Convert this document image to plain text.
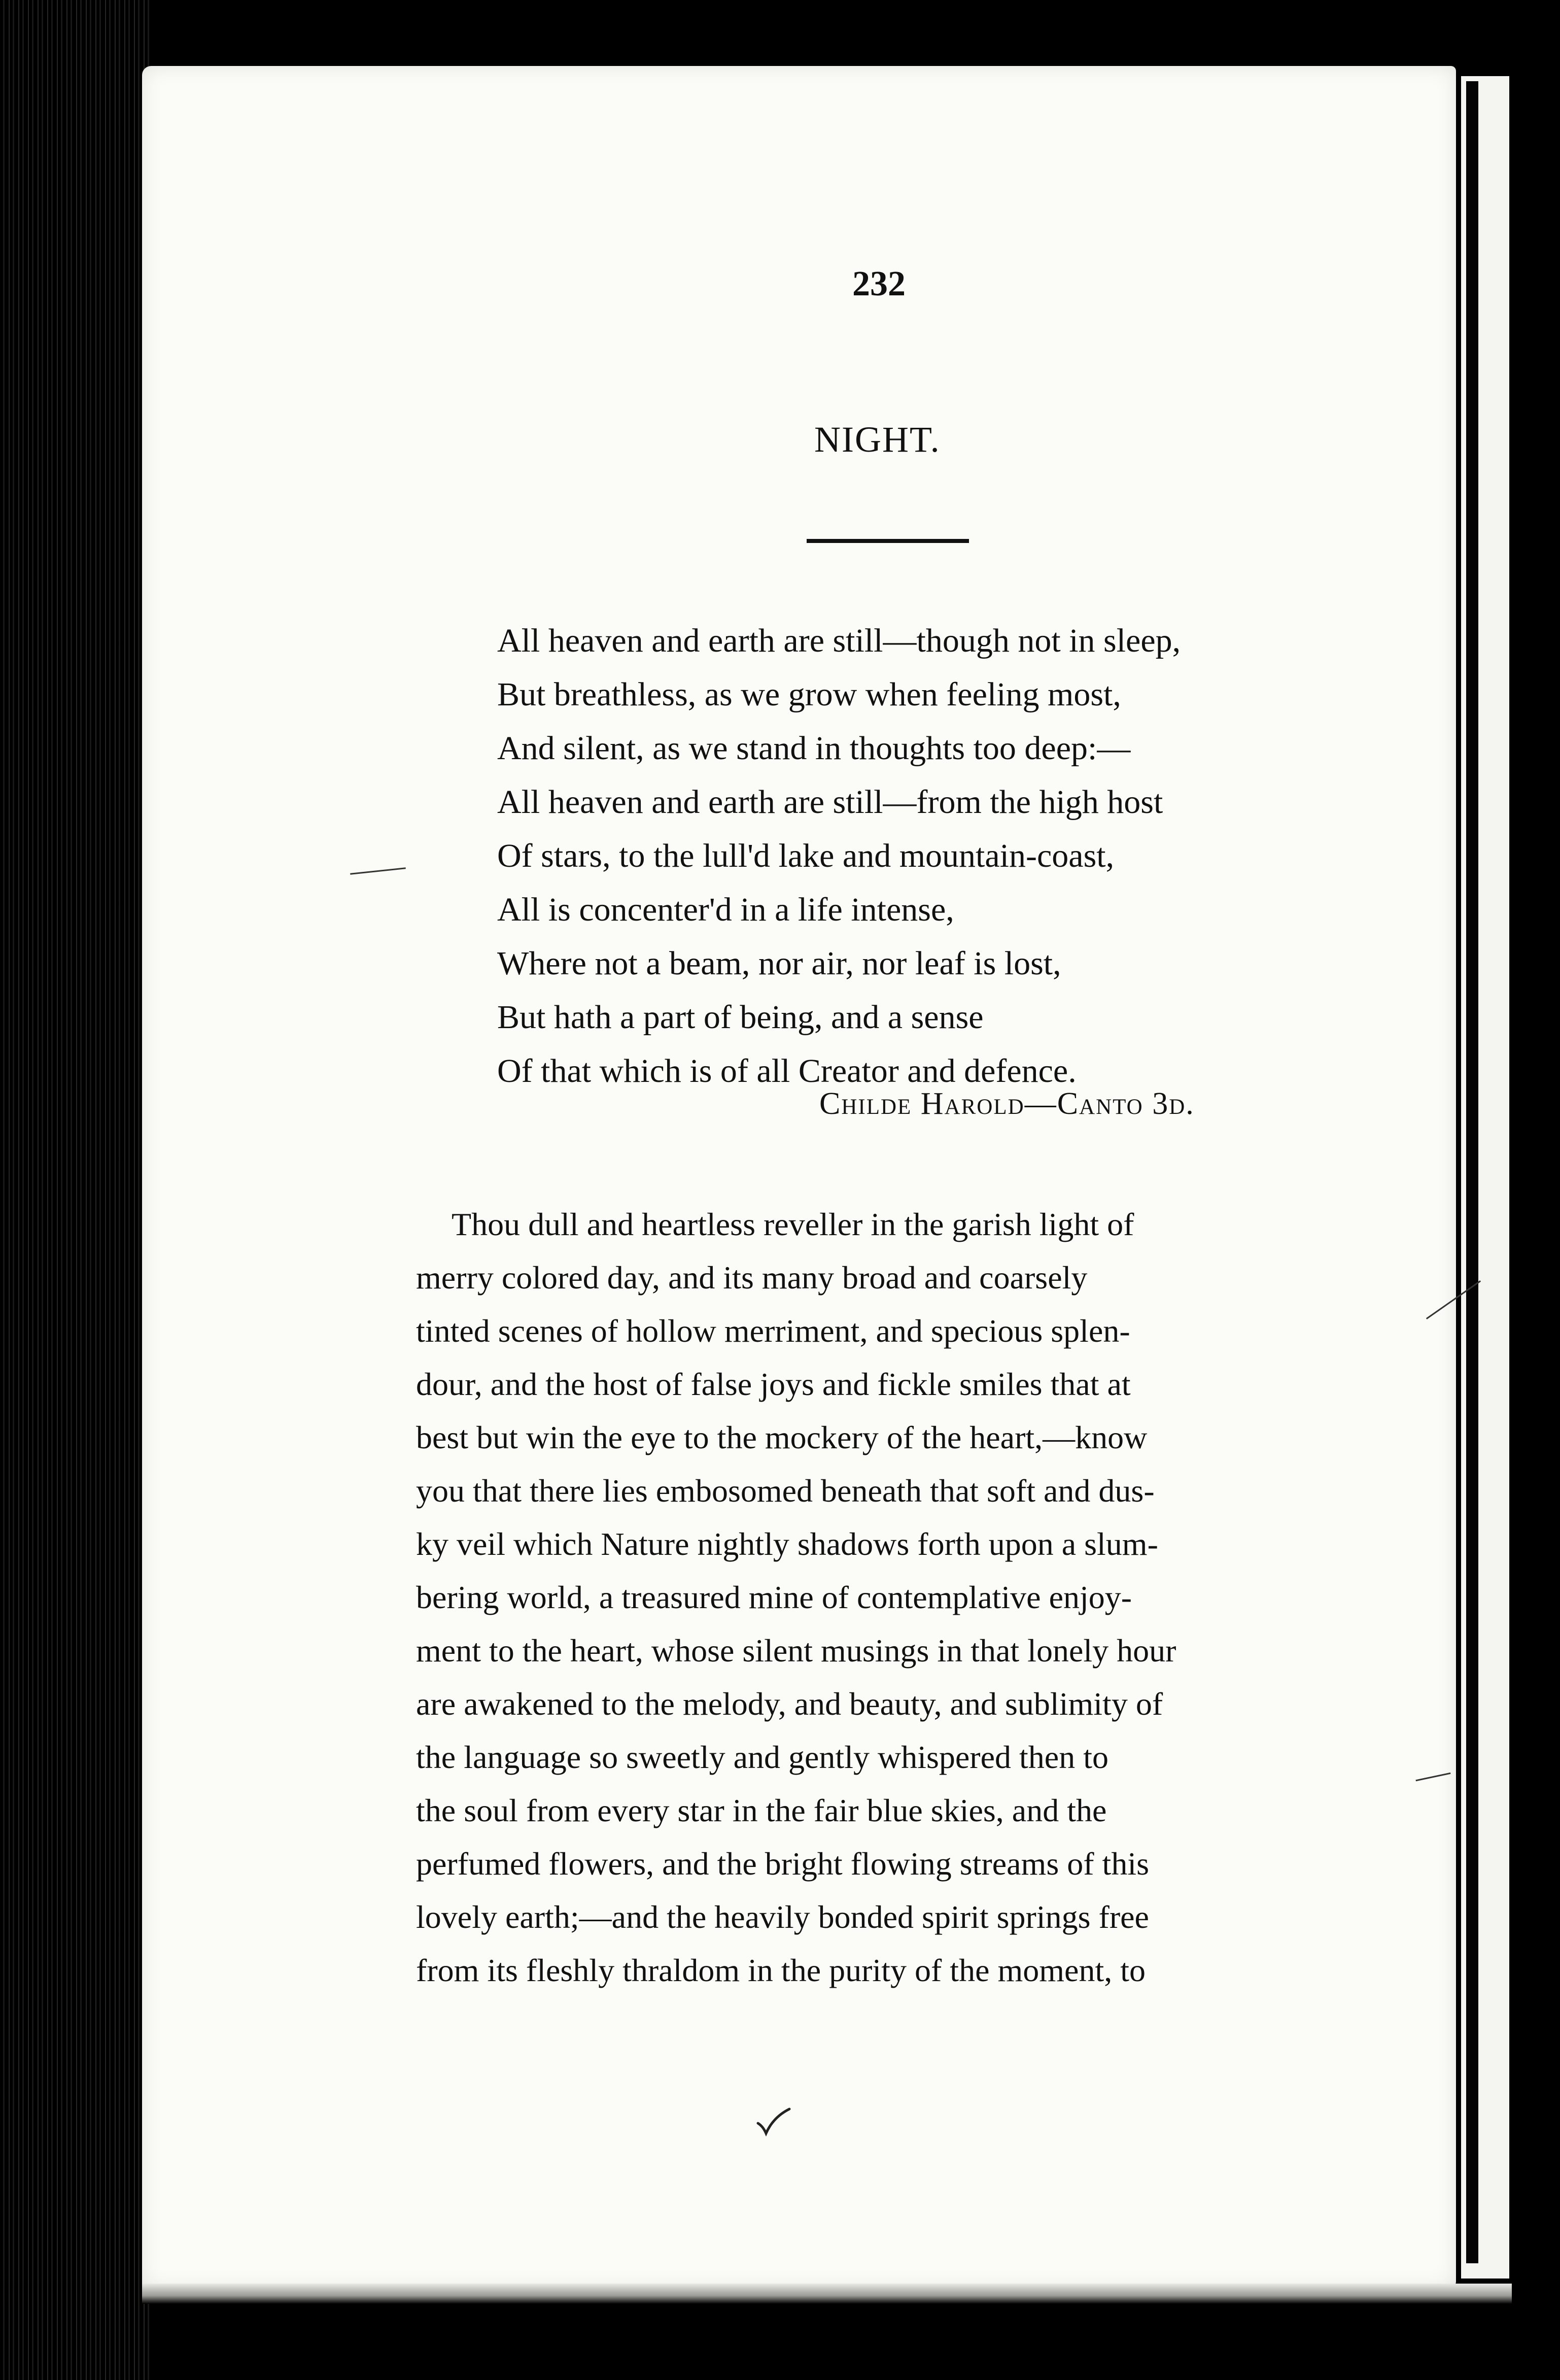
232

NIGHT.

All heaven and earth are still—though not in sleep,
But breathless, as we grow when feeling most,
And silent, as we stand in thoughts too deep:—
All heaven and earth are still—from the high host
Of stars, to the lull'd lake and mountain-coast,
All is concenter'd in a life intense,
Where not a beam, nor air, nor leaf is lost,
But hath a part of being, and a sense
Of that which is of all Creator and defence.

Childe Harold—Canto 3d.

Thou dull and heartless reveller in the garish light of
merry colored day, and its many broad and coarsely
tinted scenes of hollow merriment, and specious splen-
dour, and the host of false joys and fickle smiles that at
best but win the eye to the mockery of the heart,—know
you that there lies embosomed beneath that soft and dus-
ky veil which Nature nightly shadows forth upon a slum-
bering world, a treasured mine of contemplative enjoy-
ment to the heart, whose silent musings in that lonely hour
are awakened to the melody, and beauty, and sublimity of
the language so sweetly and gently whispered then to
the soul from every star in the fair blue skies, and the
perfumed flowers, and the bright flowing streams of this
lovely earth;—and the heavily bonded spirit springs free
from its fleshly thraldom in the purity of the moment, to
